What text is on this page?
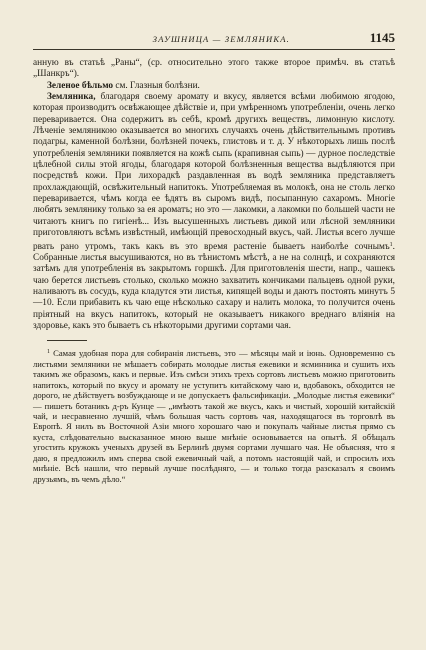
ЗАУШНИЦА — ЗЕМЛЯНИКА.	1145

анную въ статьѣ „Раны“, (ср. относительно этого также второе примѣч. въ статьѣ „Шанкръ“).

Зеленое бѣльмо см. Глазныя болѣзни.

Земляника, благодаря своему аромату и вкусу, является всѣми любимою ягодою, которая производитъ освѣжающее дѣйствіе и, при умѣренномъ употребленіи, очень легко переваривается. Она содержитъ въ себѣ, кромѣ другихъ веществъ, лимонную кислоту. Лѣченіе земляникою оказывается во многихъ случаяхъ очень дѣйствительнымъ противъ подагры, каменной болѣзни, болѣзней почекъ, глистовъ и т. д. У нѣкоторыхъ лишь послѣ употребленія земляники появляется на кожѣ сыпь (крапивная сыпь) — дурное последствіе цѣлебной силы этой ягоды, благодаря которой болѣзненныя вещества выдѣляются при посредствѣ кожи. При лихорадкѣ раздавленная въ водѣ земляника представляетъ прохлаждающій, освѣжительный напитокъ. Употребляемая въ молокѣ, она не столь легко переваривается, чѣмъ когда ее ѣдятъ въ сыромъ видѣ, посыпанную сахаромъ. Многіе любятъ землянику только за ея ароматъ; но это — лакомки, а лакомки по большей части не читаютъ книгъ по гигіенѣ... Изъ высушенныхъ листьевъ дикой или лѣсной земляники приготовляютъ всѣмъ извѣстный, имѣющій превосходный вкусъ, чай. Листья всего лучше рвать рано утромъ, такъ какъ въ это время растеніе бываетъ наиболѣе сочнымъ$^1$. Собранные листья высушиваются, но въ тѣнистомъ мѣстѣ, а не на солнцѣ, и сохраняются затѣмъ для употребленія въ закрытомъ горшкѣ. Для приготовленія шести, напр., чашекъ чаю берется листьевъ столько, сколько можно захватить кончиками пальцевъ одной руки, наливаютъ въ сосудъ, куда кладутся эти листья, кипящей воды и даютъ постоять минутъ 5—10. Если прибавить къ чаю еще нѣсколько сахару и налить молока, то получится очень пріятный на вкусъ напитокъ, который не оказываетъ никакого вреднаго вліянія на здоровье, какъ это бываетъ съ нѣкоторыми другими сортами чая.

$^1$ Самая удобная пора для собиранія листьевъ, это — мѣсяцы май и іюнь. Одновременно съ листьями земляники не мѣшаетъ собирать молодые листья ежевики и ясминника и сушить ихъ такимъ же образомъ, какъ и первые. Изъ смѣси этихъ трехъ сортовъ листьевъ можно приготовить напитокъ, который по вкусу и аромату не уступитъ китайскому чаю и, вдобавокъ, обходится не дорого, не дѣйствуетъ возбуждающе и не допускаетъ фальсификаціи. „Молодые листья ежевики“ — пишетъ ботаникъ д-ръ Кунце — „имѣютъ такой же вкусъ, какъ и чистый, хорошій китайскій чай, и несравненно лучшій, чѣмъ большая часть сортовъ чая, находящагося въ торговлѣ въ Европѣ. Я нилъ въ Восточной Азіи много хорошаго чаю и покупалъ чайные листья прямо съ куста, слѣдовательно высказанное мною выше мнѣніе основывается на опытѣ. Я обѣщалъ угостить кружокъ ученыхъ друзей въ Берлинѣ двумя сортами лучшаго чая. Не объясняя, что я даю, я предложилъ имъ сперва свой ежевичный чай, а потомъ настоящій чай, и спросилъ ихъ мнѣніе. Всѣ нашли, что первый лучше послѣдняго, — и только тогда разсказалъ я своимъ друзьямъ, въ чемъ дѣло.“
